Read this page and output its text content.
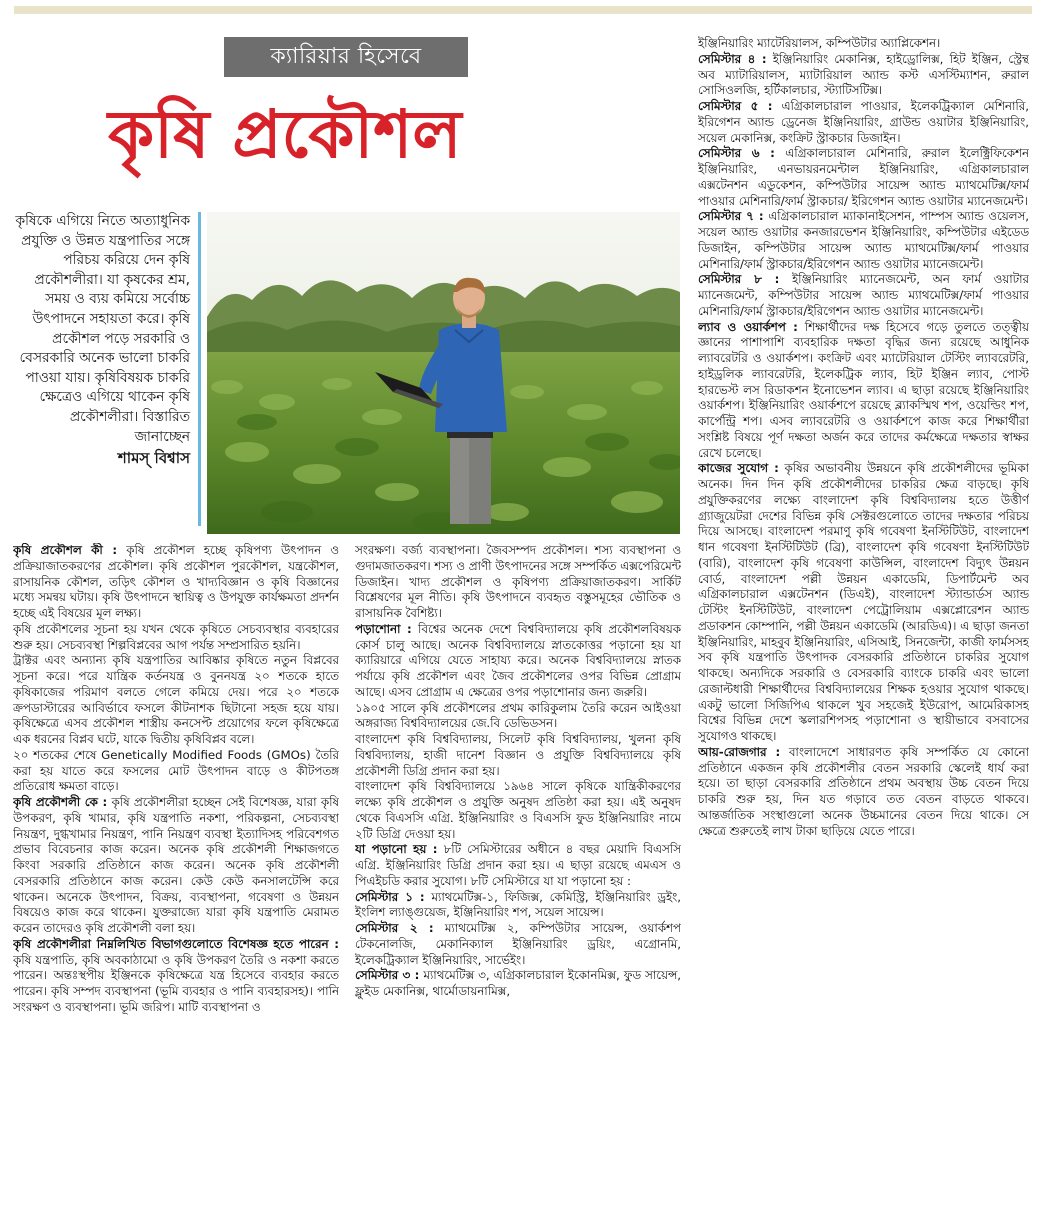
ক্যারিয়ার হিসেবে
কৃষি প্রকৌশল
কৃষিকে এগিয়ে নিতে অত্যাধুনিক প্রযুক্তি ও উন্নত যন্ত্রপাতির সঙ্গে পরিচয় করিয়ে দেন কৃষি প্রকৌশলীরা। যা কৃষকের শ্রম, সময় ও ব্যয় কমিয়ে সর্বোচ্চ উৎপাদনে সহায়তা করে। কৃষি প্রকৌশল পড়ে সরকারি ও বেসরকারি অনেক ভালো চাকরি পাওয়া যায়। কৃষিবিষয়ক চাকরি ক্ষেত্রেও এগিয়ে থাকেন কৃষি প্রকৌশলীরা। বিস্তারিত জানাচ্ছেন
শামস্ বিশ্বাস

কৃষি প্রকৌশল কী : কৃষি প্রকৌশল হচ্ছে কৃষিপণ্য উৎপাদন ও প্রক্রিয়াজাতকরণের প্রকৌশল। কৃষি প্রকৌশল পুরকৌশল, যন্ত্রকৌশল, রাসায়নিক কৌশল, তড়িৎ কৌশল ও খাদ্যবিজ্ঞান ও কৃষি বিজ্ঞানের মধ্যে সমন্বয় ঘটায়। কৃষি উৎপাদনে স্থায়িত্ব ও উপযুক্ত কার্যক্ষমতা প্রদর্শন হচ্ছে এই বিষয়ের মূল লক্ষ্য।

কৃষি প্রকৌশলের সূচনা হয় যখন থেকে কৃষিতে সেচব্যবস্থার ব্যবহারের শুরু হয়। সেচব্যবস্থা শিল্পবিপ্লবের আগ পর্যন্ত সম্প্রসারিত হয়নি।

ট্রাক্টর এবং অন্যান্য কৃষি যন্ত্রপাতির আবিষ্কার কৃষিতে নতুন বিপ্লবের সূচনা করে। পরে যান্ত্রিক কর্তনযন্ত্র ও বুননযন্ত্র ২০ শতকে হাতে কৃষিকাজের পরিমাণ বলতে গেলে কমিয়ে দেয়। পরে ২০ শতকে ক্রপডাস্টারের আবির্ভাবে ফসলে কীটনাশক ছিটানো সহজ হয়ে যায়। কৃষিক্ষেত্রে এসব প্রকৌশল শাস্ত্রীয় কনসেপ্ট প্রয়োগের ফলে কৃষিক্ষেত্রে এক ধরনের বিপ্লব ঘটে, যাকে দ্বিতীয় কৃষিবিপ্লব বলে।

২০ শতকের শেষে Genetically Modified Foods (GMOs) তৈরি করা হয় যাতে করে ফসলের মোট উৎপাদন বাড়ে ও কীটপতঙ্গ প্রতিরোধ ক্ষমতা বাড়ে।

কৃষি প্রকৌশলী কে : কৃষি প্রকৌশলীরা হচ্ছেন সেই বিশেষজ্ঞ, যারা কৃষি উপকরণ, কৃষি খামার, কৃষি যন্ত্রপাতি নকশা, পরিকল্পনা, সেচব্যবস্থা নিয়ন্ত্রণ, দুগ্ধখামার নিয়ন্ত্রণ, পানি নিয়ন্ত্রণ ব্যবস্থা ইত্যাদিসহ পরিবেশগত প্রভাব বিবেচনার কাজ করেন। অনেক কৃষি প্রকৌশলী শিক্ষাজগতে কিংবা সরকারি প্রতিষ্ঠানে কাজ করেন। অনেক কৃষি প্রকৌশলী বেসরকারি প্রতিষ্ঠানে কাজ করেন। কেউ কেউ কনসালটেন্সি করে থাকেন। অনেকে উৎপাদন, বিক্রয়, ব্যবস্থাপনা, গবেষণা ও উন্নয়ন বিষয়েও কাজ করে থাকেন। যুক্তরাজ্যে যারা কৃষি যন্ত্রপাতি মেরামত করেন তাদেরও কৃষি প্রকৌশলী বলা হয়।

কৃষি প্রকৌশলীরা নিম্নলিখিত বিভাগগুলোতে বিশেষজ্ঞ হতে পারেন : কৃষি যন্ত্রপাতি, কৃষি অবকাঠামো ও কৃষি উপকরণ তৈরি ও নকশা করতে পারেন। অন্তঃস্থপীয় ইঞ্জিনকে কৃষিক্ষেত্রে যন্ত্র হিসেবে ব্যবহার করতে পারেন। কৃষি সম্পদ ব্যবস্থাপনা (ভূমি ব্যবহার ও পানি ব্যবহারসহ)। পানি সংরক্ষণ ও ব্যবস্থাপনা। ভূমি জরিপ। মাটি ব্যবস্থাপনা ও

সংরক্ষণ। বর্জ্য ব্যবস্থাপনা। জৈবসম্পদ প্রকৌশল। শস্য ব্যবস্থাপনা ও গুদামজাতকরণ। শস্য ও প্রাণী উৎপাদনের সঙ্গে সম্পর্কিত এক্সপেরিমেন্ট ডিজাইন। খাদ্য প্রকৌশল ও কৃষিপণ্য প্রক্রিয়াজাতকরণ। সার্কিট বিশ্লেষণের মূল নীতি। কৃষি উৎপাদনে ব্যবহৃত বস্তুসমূহের ভৌতিক ও রাসায়নিক বৈশিষ্ট্য।

পড়াশোনা : বিশ্বের অনেক দেশে বিশ্ববিদ্যালয়ে কৃষি প্রকৌশলবিষয়ক কোর্স চালু আছে। অনেক বিশ্ববিদ্যালয়ে স্নাতকোত্তর পড়ানো হয় যা ক্যারিয়ারে এগিয়ে যেতে সাহায্য করে। অনেক বিশ্ববিদ্যালয়ে স্নাতক পর্যায়ে কৃষি প্রকৌশল এবং জৈব প্রকৌশলের ওপর বিভিন্ন প্রোগ্রাম আছে। এসব প্রোগ্রাম এ ক্ষেত্রের ওপর পড়াশোনার জন্য জরুরি।

১৯০৫ সালে কৃষি প্রকৌশলের প্রথম কারিকুলাম তৈরি করেন আইওয়া অঙ্গরাজ্য বিশ্ববিদ্যালয়ের জে.বি ডেভিডসন।

বাংলাদেশ কৃষি বিশ্ববিদ্যালয়, সিলেট কৃষি বিশ্ববিদ্যালয়, খুলনা কৃষি বিশ্ববিদ্যালয়, হাজী দানেশ বিজ্ঞান ও প্রযুক্তি বিশ্ববিদ্যালয়ে কৃষি প্রকৌশলী ডিগ্রি প্রদান করা হয়।

বাংলাদেশ কৃষি বিশ্ববিদ্যালয়ে ১৯৬৪ সালে কৃষিকে যান্ত্রিকীকরণের লক্ষ্যে কৃষি প্রকৌশল ও প্রযুক্তি অনুষদ প্রতিষ্ঠা করা হয়। এই অনুষদ থেকে বিএসসি এগ্রি. ইঞ্জিনিয়ারিং ও বিএসসি ফুড ইঞ্জিনিয়ারিং নামে ২টি ডিগ্রি দেওয়া হয়।

যা পড়ানো হয় : ৮টি সেমিস্টারের অধীনে ৪ বছর মেয়াদি বিএসসি এগ্রি. ইঞ্জিনিয়ারিং ডিগ্রি প্রদান করা হয়। এ ছাড়া রয়েছে এমএস ও পিএইচডি করার সুযোগ। ৮টি সেমিস্টারে যা যা পড়ানো হয় :

সেমিস্টার ১ : ম্যাথমেটিক্স-১, ফিজিক্স, কেমিস্ট্রি, ইঞ্জিনিয়ারিং ড্রইং, ইংলিশ ল্যাঙ্গুয়েজ, ইঞ্জিনিয়ারিং শপ, সয়েল সায়েন্স।

সেমিস্টার ২ : ম্যাথমেটিক্স ২, কম্পিউটার সায়েন্স, ওয়ার্কশপ টেকনোলজি, মেকানিক্যাল ইঞ্জিনিয়ারিং ড্রয়িং, এগ্রোনমি, ইলেকট্রিক্যাল ইঞ্জিনিয়ারিং, সার্ভেইং।

সেমিস্টার ৩ : ম্যাথমেটিক্স ৩, এগ্রিকালচারাল ইকোনমিক্স, ফুড সায়েন্স, ফ্লুইড মেকানিক্স, থার্মোডায়নামিক্স,

ইঞ্জিনিয়ারিং ম্যাটেরিয়ালস, কম্পিউটার অ্যাপ্লিকেশন।

সেমিস্টার ৪ : ইঞ্জিনিয়ারিং মেকানিক্স, হাইড্রোলিক্স, হিট ইঞ্জিন, স্ট্রেন্থ অব ম্যাটারিয়ালস, ম্যাটারিয়াল অ্যান্ড কস্ট এসস্টিম্যাশন, রুরাল সোসিওলজি, হর্টিকালচার, স্ট্যাটিসটিক্স।

সেমিস্টার ৫ : এগ্রিকালচারাল পাওয়ার, ইলেকট্রিক্যাল মেশিনারি, ইরিগেশন অ্যান্ড ড্রেনেজ ইঞ্জিনিয়ারিং, গ্রাউন্ড ওয়াটার ইঞ্জিনিয়ারিং, সয়েল মেকানিক্স, কংক্রিট স্ট্রাকচার ডিজাইন।

সেমিস্টার ৬ : এগ্রিকালচারাল মেশিনারি, রুরাল ইলেক্ট্রিফিকেশন ইঞ্জিনিয়ারিং, এনভায়রনমেন্টাল ইঞ্জিনিয়ারিং, এগ্রিকালচারাল এক্সটেনশন এডুকেশন, কম্পিউটার সায়েন্স অ্যান্ড ম্যাথমেটিক্স/ফার্ম পাওয়ার মেশিনারি/ফার্ম স্ট্রাকচার/ ইরিগেশন অ্যান্ড ওয়াটার ম্যানেজমেন্ট।

সেমিস্টার ৭ : এগ্রিকালচারাল ম্যাকানাইসেশন, পাম্পস অ্যান্ড ওয়েলস, সয়েল অ্যান্ড ওয়াটার কনজারভেশন ইঞ্জিনিয়ারিং, কম্পিউটার এইডেড ডিজাইন, কম্পিউটার সায়েন্স অ্যান্ড ম্যাথমেটিক্স/ফার্ম পাওয়ার মেশিনারি/ফার্ম স্ট্রাকচার/ইরিগেশন অ্যান্ড ওয়াটার ম্যানেজমেন্ট।

সেমিস্টার ৮ : ইঞ্জিনিয়ারিং ম্যানেজমেন্ট, অন ফার্ম ওয়াটার ম্যানেজমেন্ট, কম্পিউটার সায়েন্স অ্যান্ড ম্যাথমেটিক্স/ফার্ম পাওয়ার মেশিনারি/ফার্ম স্ট্রাকচার/ইরিগেশন অ্যান্ড ওয়াটার ম্যানেজমেন্ট।

ল্যাব ও ওয়ার্কশপ : শিক্ষার্থীদের দক্ষ হিসেবে গড়ে তুলতে তত্ত্বীয় জ্ঞানের পাশাপাশি ব্যবহারিক দক্ষতা বৃদ্ধির জন্য রয়েছে আধুনিক ল্যাবরেটরি ও ওয়ার্কশপ। কংক্রিট এবং ম্যাটেরিয়াল টেস্টিং ল্যাবরেটরি, হাইড্রলিক ল্যাবরেটরি, ইলেকট্রিক ল্যাব, হিট ইঞ্জিন ল্যাব, পোস্ট হারভেস্ট লস রিডাকশন ইনোভেশন ল্যাব। এ ছাড়া রয়েছে ইঞ্জিনিয়ারিং ওয়ার্কশপ। ইঞ্জিনিয়ারিং ওয়ার্কশপে রয়েছে ব্ল্যাকস্মিথ শপ, ওয়েল্ডিং শপ, কার্পেন্ট্রি শপ। এসব ল্যাবরেটরি ও ওয়ার্কশপে কাজ করে শিক্ষার্থীরা সংশ্লিষ্ট বিষয়ে পূর্ণ দক্ষতা অর্জন করে তাদের কর্মক্ষেত্রে দক্ষতার স্বাক্ষর রেখে চলেছে।

কাজের সুযোগ : কৃষির অভাবনীয় উন্নয়নে কৃষি প্রকৌশলীদের ভূমিকা অনেক। দিন দিন কৃষি প্রকৌশলীদের চাকরির ক্ষেত্র বাড়ছে। কৃষি প্রযুক্তিকরণের লক্ষ্যে বাংলাদেশ কৃষি বিশ্ববিদ্যালয় হতে উত্তীর্ণ গ্র্যাজুয়েটরা দেশের বিভিন্ন কৃষি সেক্টরগুলোতে তাদের দক্ষতার পরিচয় দিয়ে আসছে। বাংলাদেশ পরমাণু কৃষি গবেষণা ইনস্টিটিউট, বাংলাদেশ ধান গবেষণা ইনস্টিটিউট (ব্রি), বাংলাদেশ কৃষি গবেষণা ইনস্টিটিউট (বারি), বাংলাদেশ কৃষি গবেষণা কাউন্সিল, বাংলাদেশ বিদ্যুৎ উন্নয়ন বোর্ড, বাংলাদেশ পল্লী উন্নয়ন একাডেমি, ডিপার্টমেন্ট অব এগ্রিকালচারাল এক্সটেনশন (ডিএই), বাংলাদেশ স্ট্যান্ডার্ডস অ্যান্ড টেস্টিং ইনস্টিটিউট, বাংলাদেশ পেট্রোলিয়াম এক্সপ্লোরেশন অ্যান্ড প্রডাকশন কোম্পানি, পল্লী উন্নয়ন একাডেমি (আরডিএ)। এ ছাড়া জনতা ইঞ্জিনিয়ারিং, মাহবুব ইঞ্জিনিয়ারিং, এসিআই, সিনজেন্টা, কাজী ফার্মসসহ সব কৃষি যন্ত্রপাতি উৎপাদক বেসরকারি প্রতিষ্ঠানে চাকরির সুযোগ থাকছে। অন্যদিকে সরকারি ও বেসরকারি ব্যাংকে চাকরি এবং ভালো রেজাল্টধারী শিক্ষার্থীদের বিশ্ববিদ্যালয়ের শিক্ষক হওয়ার সুযোগ থাকছে। একটু ভালো সিজিপিএ থাকলে খুব সহজেই ইউরোপ, আমেরিকাসহ বিশ্বের বিভিন্ন দেশে স্কলারশিপসহ পড়াশোনা ও স্থায়ীভাবে বসবাসের সুযোগও থাকছে।

আয়-রোজগার : বাংলাদেশে সাধারণত কৃষি সম্পর্কিত যে কোনো প্রতিষ্ঠানে একজন কৃষি প্রকৌশলীর বেতন সরকারি স্কেলেই ধার্য করা হয়ে। তা ছাড়া বেসরকারি প্রতিষ্ঠানে প্রথম অবস্থায় উচ্চ বেতন দিয়ে চাকরি শুরু হয়, দিন যত গড়াবে তত বেতন বাড়তে থাকবে। আন্তর্জাতিক সংস্থাগুলো অনেক উচ্চমানের বেতন দিয়ে থাকে। সে ক্ষেত্রে শুরুতেই লাখ টাকা ছাড়িয়ে যেতে পারে।
